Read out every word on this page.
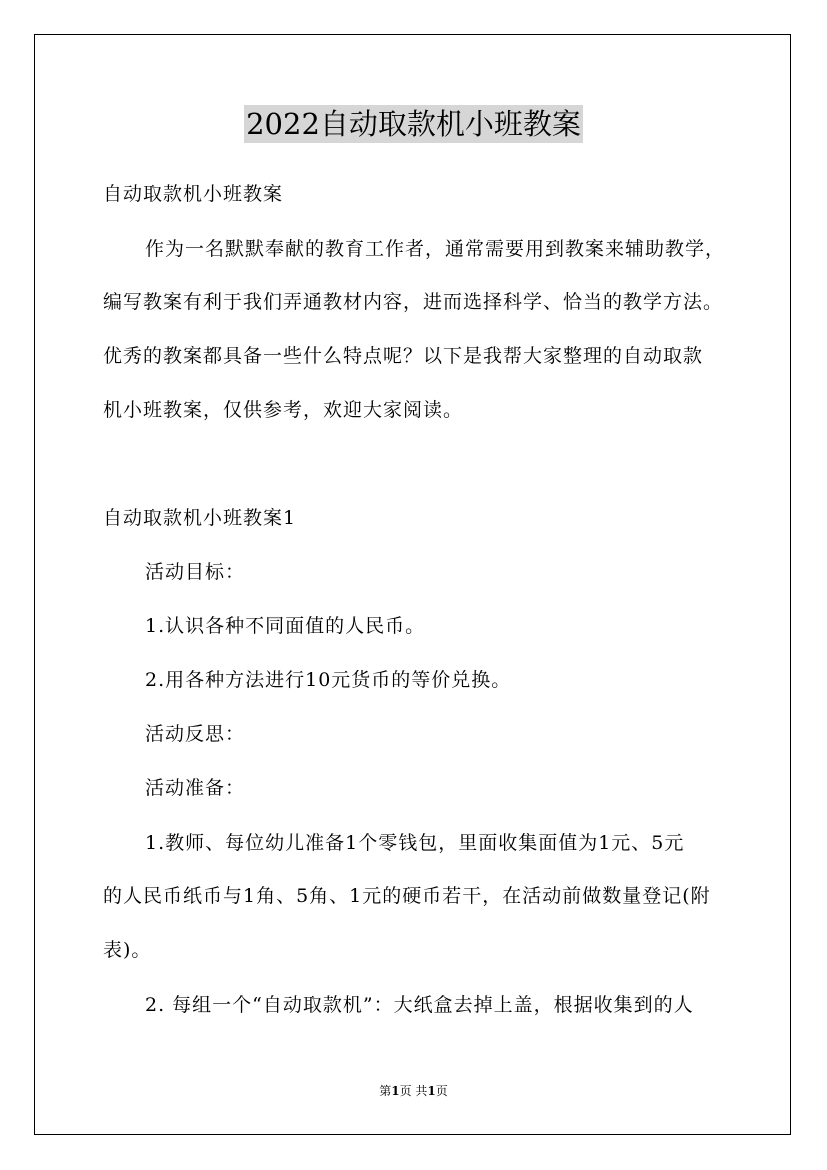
2022自动取款机小班教案
自动取款机小班教案
作为一名默默奉献的教育工作者，通常需要用到教案来辅助教学，
编写教案有利于我们弄通教材内容，进而选择科学、恰当的教学方法。
优秀的教案都具备一些什么特点呢？以下是我帮大家整理的自动取款
机小班教案，仅供参考，欢迎大家阅读。
自动取款机小班教案1
活动目标：
1.认识各种不同面值的人民币。
2.用各种方法进行10元货币的等价兑换。
活动反思：
活动准备：
1.教师、每位幼儿准备1个零钱包，里面收集面值为1元、5元
的人民币纸币与1角、5角、1元的硬币若干，在活动前做数量登记(附
表)。
2. 每组一个“自动取款机”：大纸盒去掉上盖，根据收集到的人
第1页 共1页
